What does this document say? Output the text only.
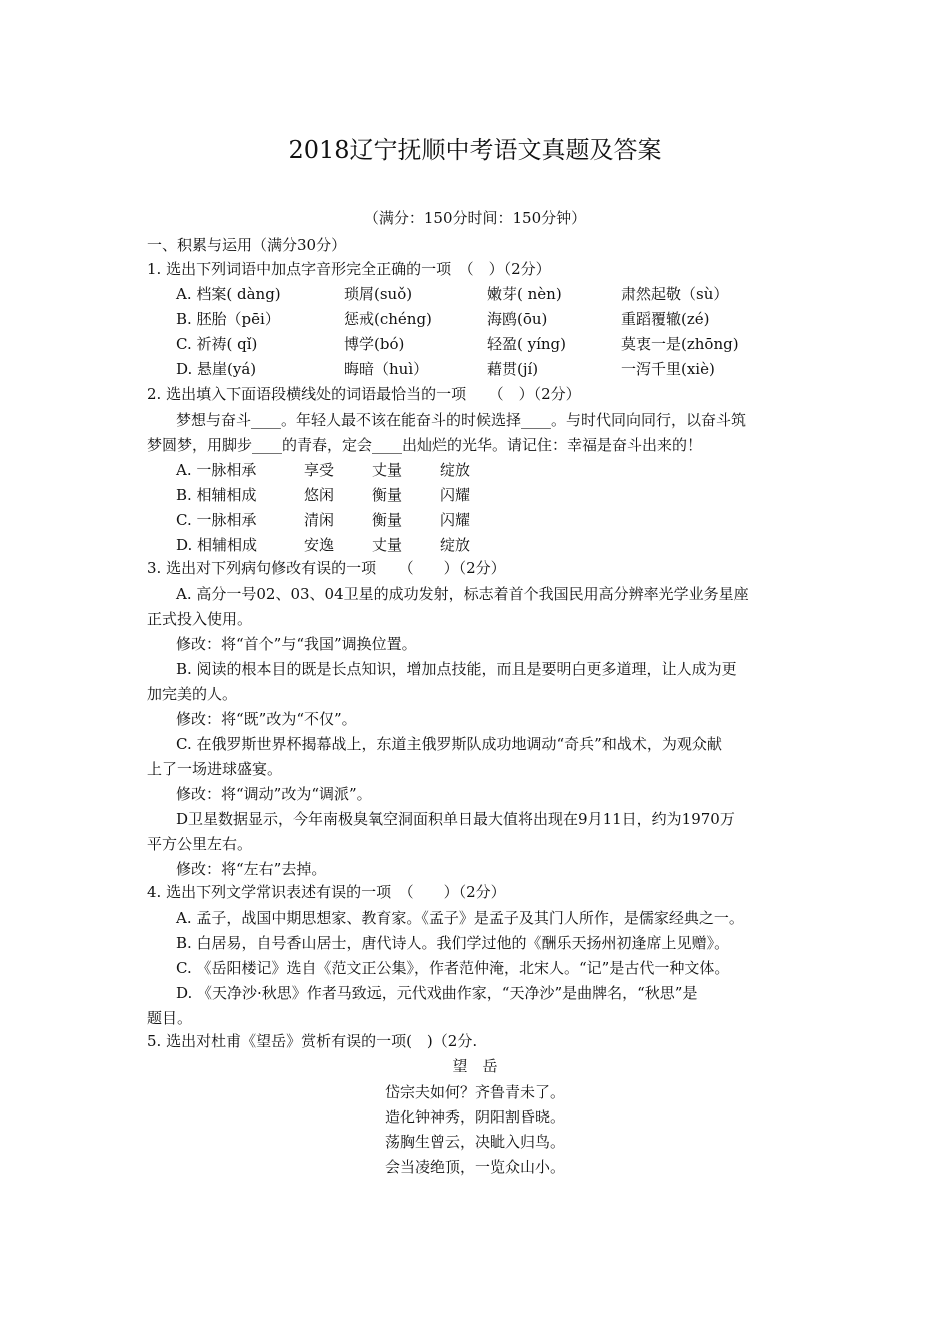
2018辽宁抚顺中考语文真题及答案
（满分：150分时间：150分钟）
一、积累与运用（满分30分）
1. 选出下列词语中加点字音形完全正确的一项　（　）（2分）
A. 档案( dàng)	琐屑(suǒ)	嫩芽( nèn)	肃然起敬（sù）
B. 胚胎（pēi）	惩戒(chéng)	海鸥(ōu)	重蹈覆辙(zé)
C. 祈祷( qǐ)	博学(bó)	轻盈( yíng)	莫衷一是(zhōng)
D. 悬崖(yá)	晦暗（huì）	藉贯(jí)	一泻千里(xiè)
2. 选出填入下面语段横线处的词语最恰当的一项　　（　）（2分）
梦想与奋斗____。年轻人最不该在能奋斗的时候选择____。与时代同向同行，以奋斗筑
梦圆梦，用脚步____的青春，定会____出灿烂的光华。请记住：幸福是奋斗出来的！
A. 一脉相承	享受	丈量	绽放
B. 相辅相成	悠闲	衡量	闪耀
C. 一脉相承	清闲	衡量	闪耀
D. 相辅相成	安逸	丈量	绽放
3. 选出对下列病句修改有误的一项　　（　　）（2分）
A. 高分一号02、03、04卫星的成功发射，标志着首个我国民用高分辨率光学业务星座
正式投入使用。
修改：将“首个”与“我国”调换位置。
B. 阅读的根本目的既是长点知识，增加点技能，而且是要明白更多道理，让人成为更
加完美的人。
修改：将“既”改为“不仅”。
C. 在俄罗斯世界杯揭幕战上，东道主俄罗斯队成功地调动“奇兵”和战术，为观众献
上了一场进球盛宴。
修改：将“调动”改为“调派”。
D卫星数据显示，今年南极臭氧空洞面积单日最大值将出现在9月11日，约为1970万
平方公里左右。
修改：将“左右”去掉。
4. 选出下列文学常识表述有误的一项　（　　）（2分）
A. 孟子，战国中期思想家、教育家。《孟子》是孟子及其门人所作，是儒家经典之一。
B. 白居易，自号香山居士，唐代诗人。我们学过他的《酬乐天扬州初逢席上见赠》。
C. 《岳阳楼记》选自《范文正公集》，作者范仲淹，北宋人。“记”是古代一种文体。
D. 《天净沙·秋思》作者马致远，元代戏曲作家，“天净沙”是曲牌名，“秋思”是
题目。
5. 选出对杜甫《望岳》赏析有误的一项(　)（2分.
望　岳
岱宗夫如何？齐鲁青未了。
造化钟神秀，阴阳割昏晓。
荡胸生曾云，决眦入归鸟。
会当凌绝顶，一览众山小。
